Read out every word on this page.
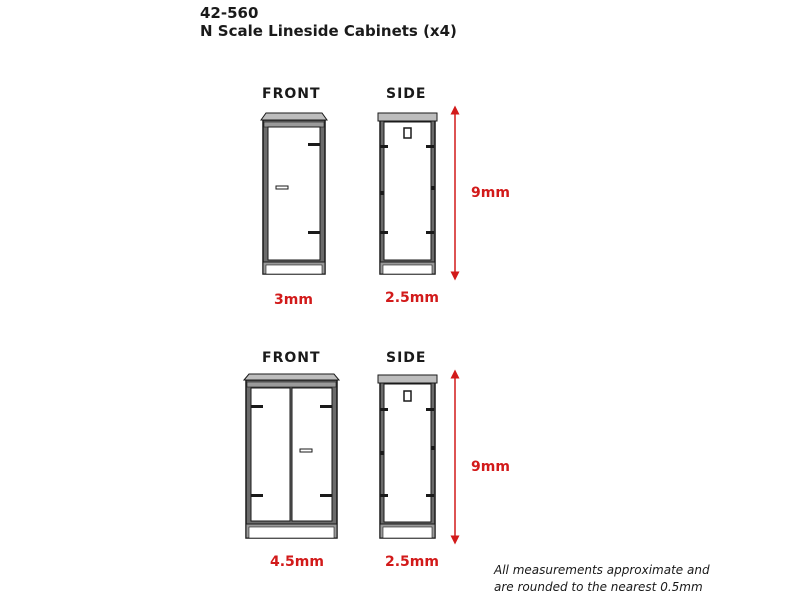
42-560
N Scale Lineside Cabinets (x4)
FRONT	SIDE
3mm	2.5mm
9mm
FRONT	SIDE
4.5mm	2.5mm
9mm
All measurements approximate and
are rounded to the nearest 0.5mm
